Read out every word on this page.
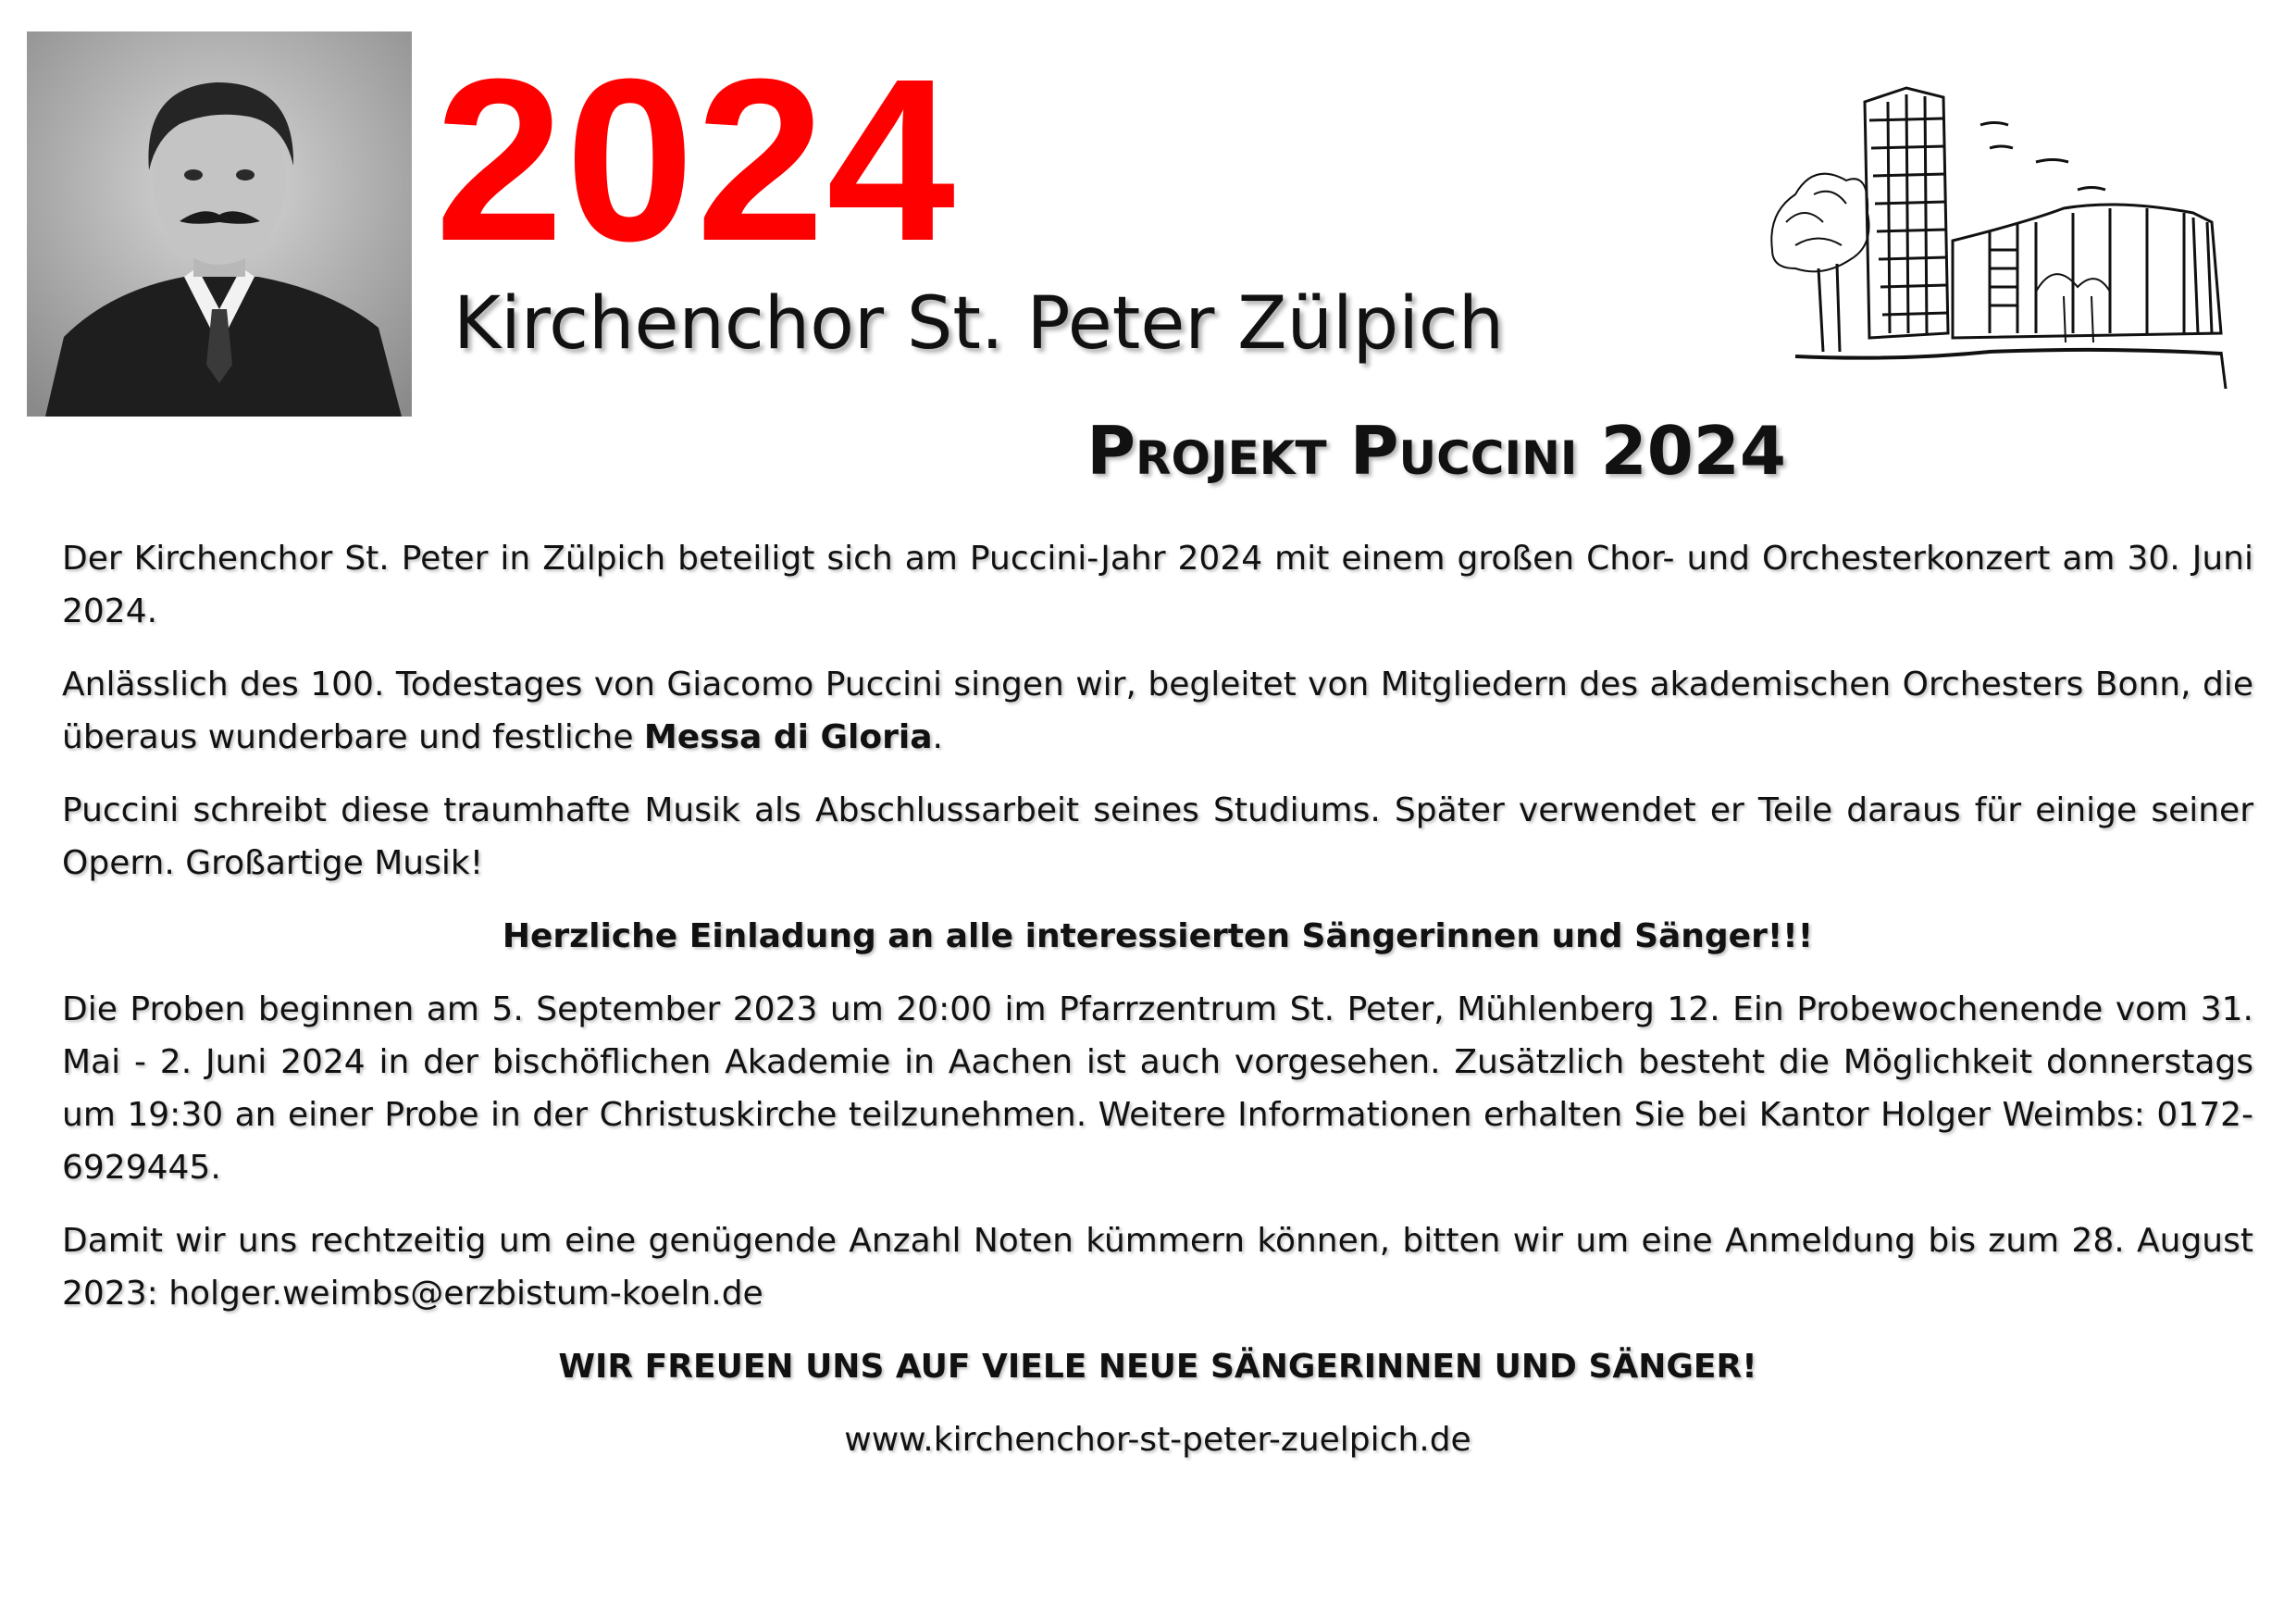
2024
Kirchenchor St. Peter Zülpich
Projekt Puccini 2024

Der Kirchenchor St. Peter in Zülpich beteiligt sich am Puccini-Jahr 2024 mit einem großen Chor- und Orchesterkonzert am 30. Juni 2024.

Anlässlich des 100. Todestages von Giacomo Puccini singen wir, begleitet von Mitgliedern des akademischen Orchesters Bonn, die überaus wunderbare und festliche Messa di Gloria.

Puccini schreibt diese traumhafte Musik als Abschlussarbeit seines Studiums. Später verwendet er Teile daraus für einige seiner Opern. Großartige Musik!

Herzliche Einladung an alle interessierten Sängerinnen und Sänger!!!

Die Proben beginnen am 5. September 2023 um 20:00 im Pfarrzentrum St. Peter, Mühlenberg 12. Ein Probewochenende vom 31. Mai - 2. Juni 2024 in der bischöflichen Akademie in Aachen ist auch vorgesehen. Zusätzlich besteht die Möglichkeit donnerstags um 19:30 an einer Probe in der Christuskirche teilzunehmen. Weitere Informationen erhalten Sie bei Kantor Holger Weimbs: 0172-6929445.

Damit wir uns rechtzeitig um eine genügende Anzahl Noten kümmern können, bitten wir um eine Anmeldung bis zum 28. August 2023: holger.weimbs@erzbistum-koeln.de

WIR FREUEN UNS AUF VIELE NEUE SÄNGERINNEN UND SÄNGER!

www.kirchenchor-st-peter-zuelpich.de
